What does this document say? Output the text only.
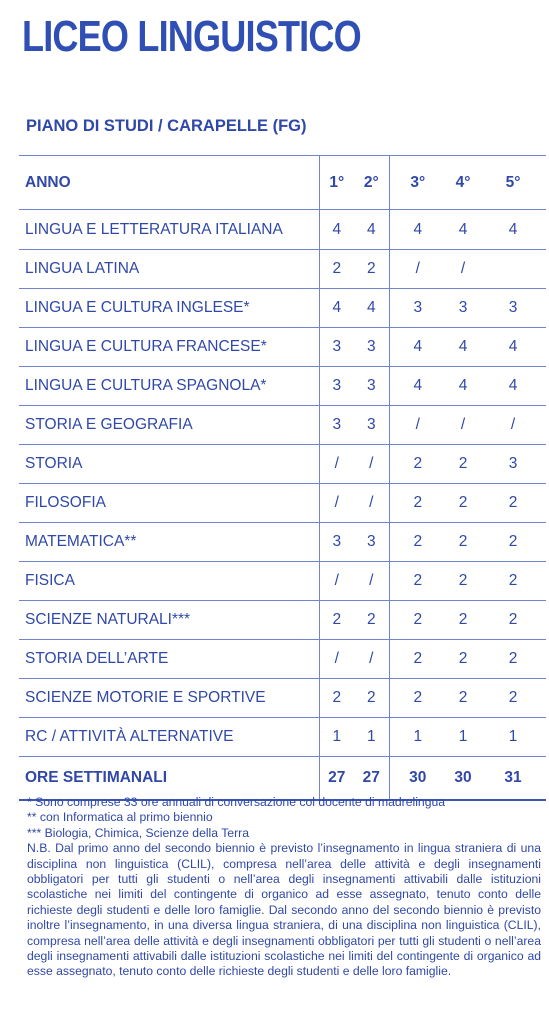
LICEO LINGUISTICO
PIANO DI STUDI / CARAPELLE (FG)
ANNO	1°	2°	3°	4°	5°
LINGUA E LETTERATURA ITALIANA	4	4	4	4	4
LINGUA LATINA	2	2	/	/	
LINGUA E CULTURA INGLESE*	4	4	3	3	3
LINGUA E CULTURA FRANCESE*	3	3	4	4	4
LINGUA E CULTURA SPAGNOLA*	3	3	4	4	4
STORIA E GEOGRAFIA	3	3	/	/	/
STORIA	/	/	2	2	3
FILOSOFIA	/	/	2	2	2
MATEMATICA**	3	3	2	2	2
FISICA	/	/	2	2	2
SCIENZE NATURALI***	2	2	2	2	2
STORIA DELL’ARTE	/	/	2	2	2
SCIENZE MOTORIE E SPORTIVE	2	2	2	2	2
RC / ATTIVITÀ ALTERNATIVE	1	1	1	1	1
ORE SETTIMANALI	27	27	30	30	31

* Sono comprese 33 ore annuali di conversazione col docente di madrelingua

** con Informatica al primo biennio

*** Biologia, Chimica, Scienze della Terra

N.B. Dal primo anno del secondo biennio è previsto l’insegnamento in lingua straniera di una disciplina non linguistica (CLIL), compresa nell’area delle attività e degli insegnamenti obbligatori per tutti gli studenti o nell’area degli insegnamenti attivabili dalle istituzioni scolastiche nei limiti del contingente di organico ad esse assegnato, tenuto conto delle richieste degli studenti e delle loro famiglie. Dal secondo anno del secondo biennio è previsto inoltre l’insegnamento, in una diversa lingua straniera, di una disciplina non linguistica (CLIL), compresa nell’area delle attività e degli insegnamenti obbligatori per tutti gli studenti o nell’area degli insegnamenti attivabili dalle istituzioni scolastiche nei limiti del contingente di organico ad esse assegnato, tenuto conto delle richieste degli studenti e delle loro famiglie.
